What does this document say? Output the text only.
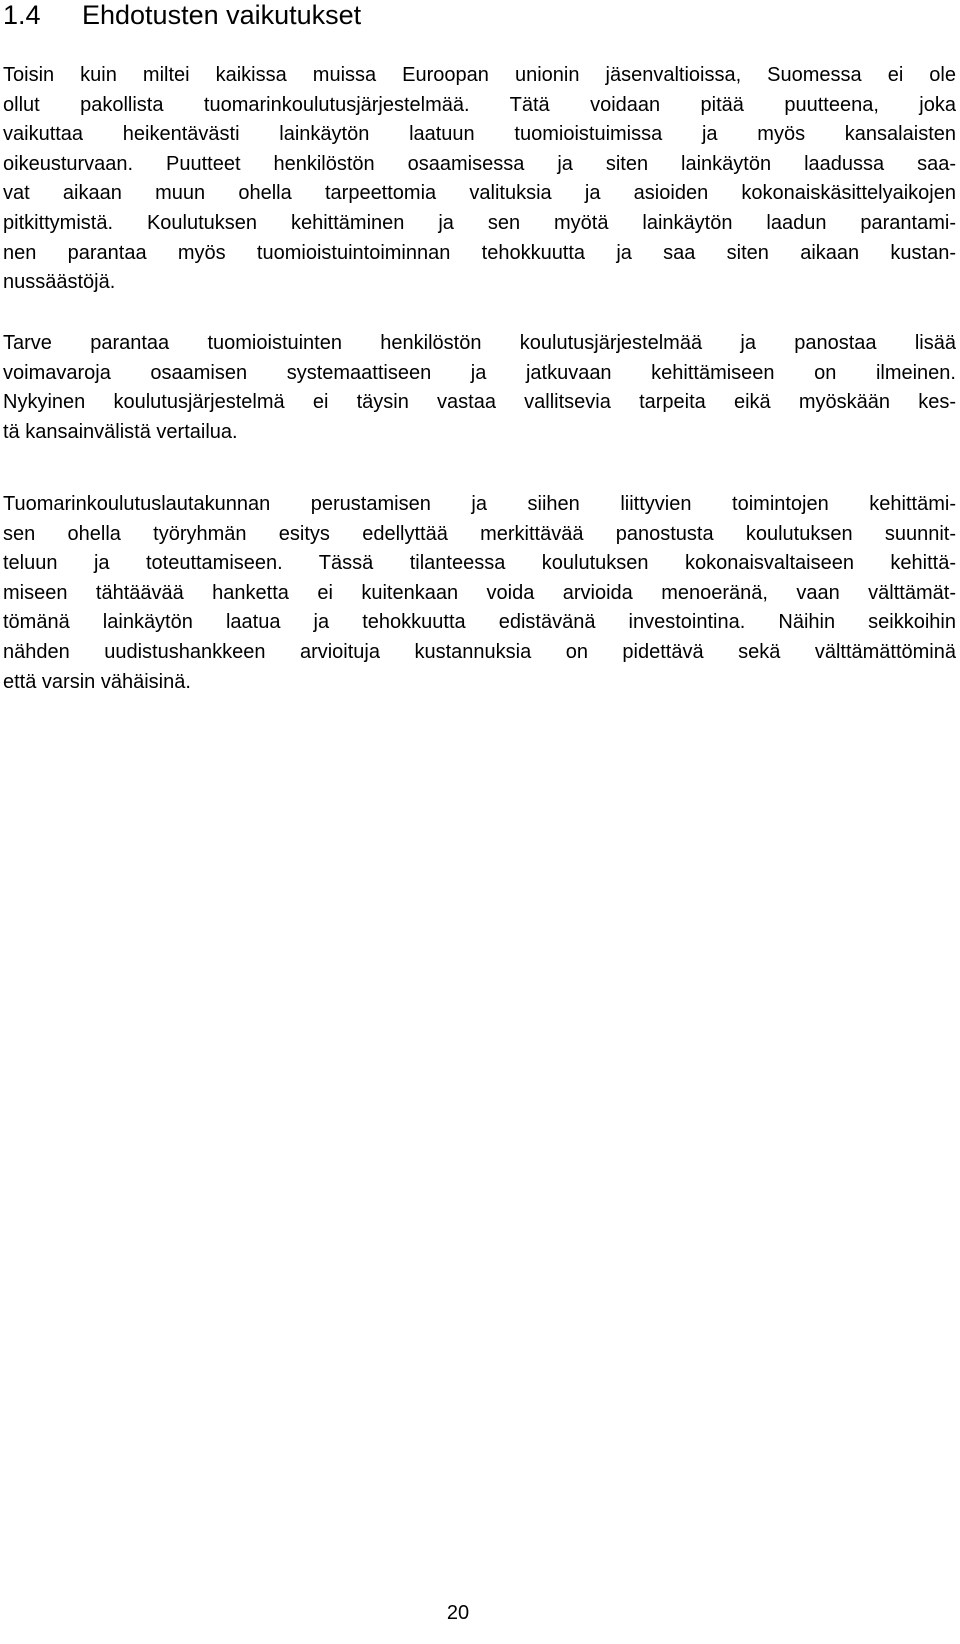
1.4 Ehdotusten vaikutukset
Toisin kuin miltei kaikissa muissa Euroopan unionin jäsenvaltioissa, Suomessa ei ole
ollut pakollista tuomarinkoulutusjärjestelmää. Tätä voidaan pitää puutteena, joka
vaikuttaa heikentävästi lainkäytön laatuun tuomioistuimissa ja myös kansalaisten
oikeusturvaan. Puutteet henkilöstön osaamisessa ja siten lainkäytön laadussa saa-
vat aikaan muun ohella tarpeettomia valituksia ja asioiden kokonaiskäsittelyaikojen
pitkittymistä. Koulutuksen kehittäminen ja sen myötä lainkäytön laadun parantami-
nen parantaa myös tuomioistuintoiminnan tehokkuutta ja saa siten aikaan kustan-
nussäästöjä.
Tarve parantaa tuomioistuinten henkilöstön koulutusjärjestelmää ja panostaa lisää
voimavaroja osaamisen systemaattiseen ja jatkuvaan kehittämiseen on ilmeinen.
Nykyinen koulutusjärjestelmä ei täysin vastaa vallitsevia tarpeita eikä myöskään kes-
tä kansainvälistä vertailua.
Tuomarinkoulutuslautakunnan perustamisen ja siihen liittyvien toimintojen kehittämi-
sen ohella työryhmän esitys edellyttää merkittävää panostusta koulutuksen suunnit-
teluun ja toteuttamiseen. Tässä tilanteessa koulutuksen kokonaisvaltaiseen kehittä-
miseen tähtäävää hanketta ei kuitenkaan voida arvioida menoeränä, vaan välttämät-
tömänä lainkäytön laatua ja tehokkuutta edistävänä investointina. Näihin seikkoihin
nähden uudistushankkeen arvioituja kustannuksia on pidettävä sekä välttämättöminä
että varsin vähäisinä.
20
